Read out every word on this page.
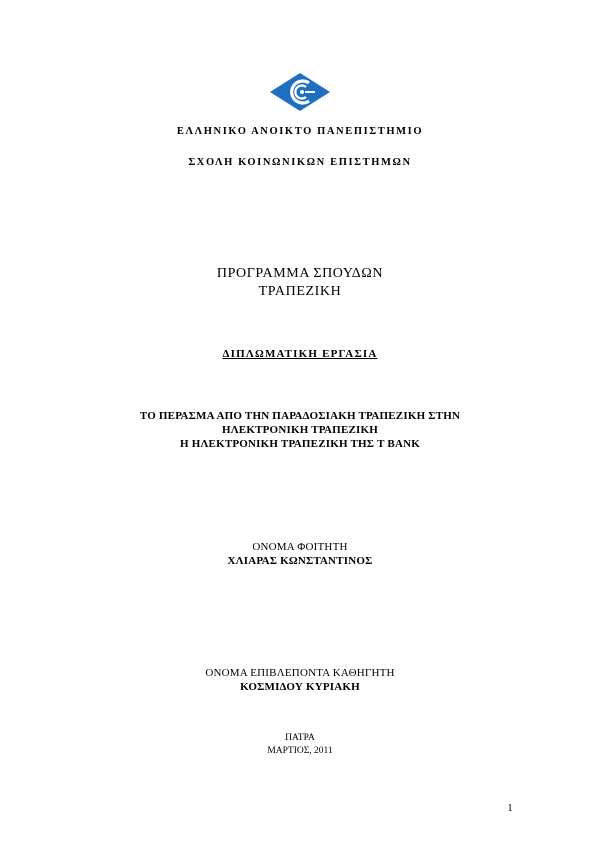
ΕΛΛΗΝΙΚΟ ΑΝΟΙΚΤΟ ΠΑΝΕΠΙΣΤΗΜΙΟ
ΣΧΟΛΗ ΚΟΙΝΩΝΙΚΩΝ ΕΠΙΣΤΗΜΩΝ
ΠΡΟΓΡΑΜΜΑ ΣΠΟΥΔΩΝ
ΤΡΑΠΕΖΙΚΗ
ΔΙΠΛΩΜΑΤΙΚΗ ΕΡΓΑΣΙΑ
ΤΟ ΠΕΡΑΣΜΑ ΑΠΟ ΤΗΝ ΠΑΡΑΔΟΣΙΑΚΗ ΤΡΑΠΕΖΙΚΗ ΣΤΗΝ
ΗΛΕΚΤΡΟΝΙΚΗ ΤΡΑΠΕΖΙΚΗ
Η ΗΛΕΚΤΡΟΝΙΚΗ ΤΡΑΠΕΖΙΚΗ ΤΗΣ T BANK
ΟΝΟΜΑ ΦΟΙΤΗΤΗ
ΧΛΙΑΡΑΣ ΚΩΝΣΤΑΝΤΙΝΟΣ
ΟΝΟΜΑ ΕΠΙΒΛΕΠΟΝΤΑ ΚΑΘΗΓΗΤΗ
ΚΟΣΜΙΔΟΥ ΚΥΡΙΑΚΗ
ΠΑΤΡΑ
ΜΑΡΤΙΟΣ, 2011
1
